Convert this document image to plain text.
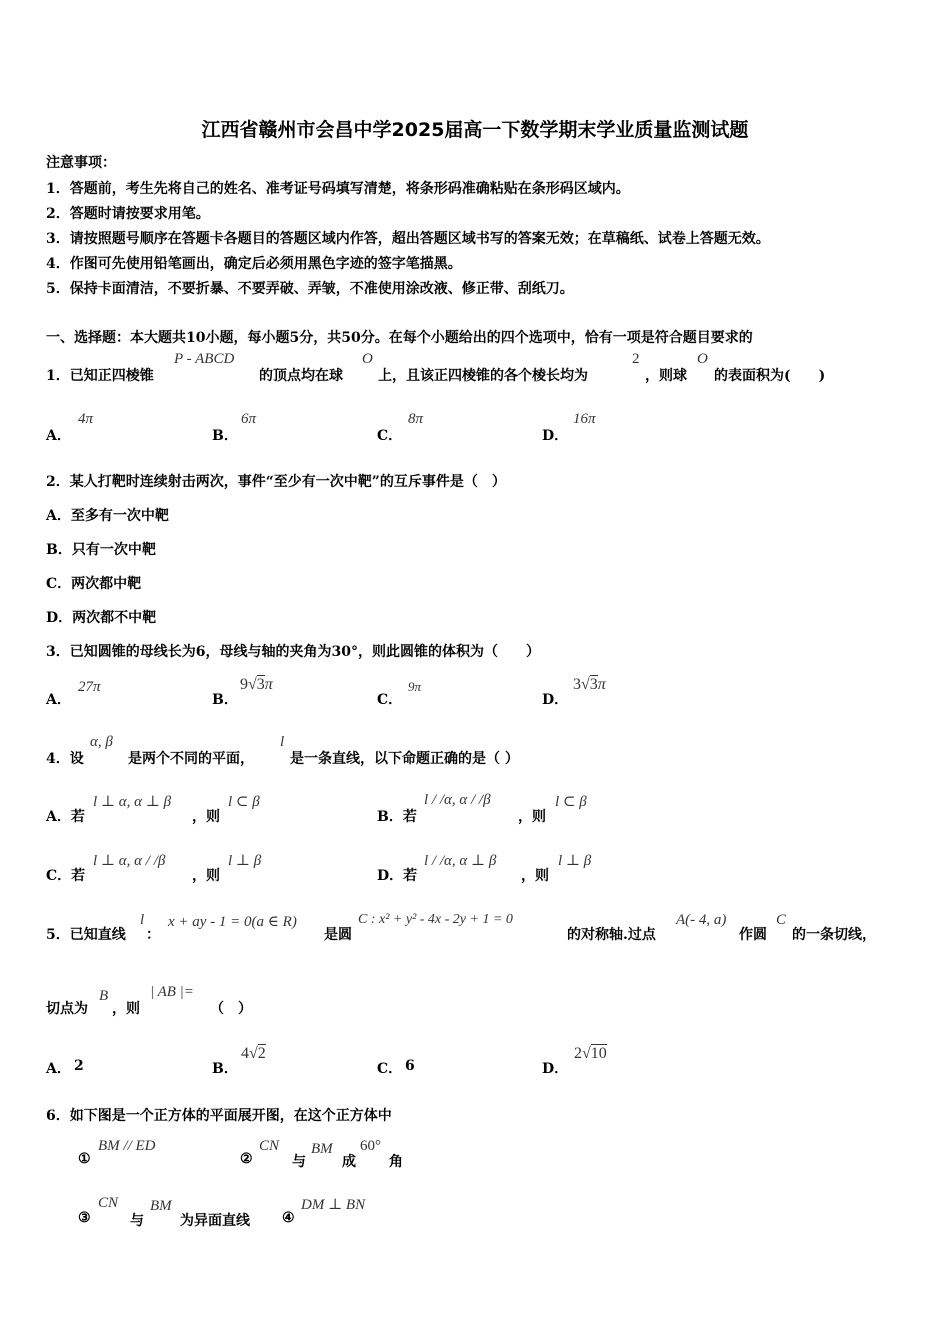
江西省赣州市会昌中学2025届高一下数学期末学业质量监测试题
注意事项：
1．答题前，考生先将自己的姓名、准考证号码填写清楚，将条形码准确粘贴在条形码区域内。
2．答题时请按要求用笔。
3．请按照题号顺序在答题卡各题目的答题区域内作答，超出答题区域书写的答案无效；在草稿纸、试卷上答题无效。
4．作图可先使用铅笔画出，确定后必须用黑色字迹的签字笔描黑。
5．保持卡面清洁，不要折暴、不要弄破、弄皱，不准使用涂改液、修正带、刮纸刀。
一、选择题：本大题共10小题，每小题5分，共50分。在每个小题给出的四个选项中，恰有一项是符合题目要求的
1．已知正四棱锥
P - ABCD
的顶点均在球
O
上，且该正四棱锥的各个棱长均为
2
，则球
O
的表面积为(　　)
A．
4π
B．
6π
C．
8π
D．
16π
2．某人打靶时连续射击两次，事件“至少有一次中靶”的互斥事件是（　）
A．至多有一次中靶
B．只有一次中靶
C．两次都中靶
D．两次都不中靶
3．已知圆锥的母线长为6，母线与轴的夹角为30°，则此圆锥的体积为（　　）
A．
27π
B．
9√3π
C．
9π
D．
3√3π
4．设
α, β
是两个不同的平面，
l
是一条直线，以下命题正确的是（ ）
A．若
l ⊥ α, α ⊥ β
，则
l ⊂ β
B．若
l / /α, α / /β
，则
l ⊂ β
C．若
l ⊥ α, α / /β
，则
l ⊥ β
D．若
l / /α, α ⊥ β
，则
l ⊥ β
5．已知直线
l
：
x + ay - 1 = 0(a ∈ R)
是圆
C : x² + y² - 4x - 2y + 1 = 0
的对称轴.过点
A(- 4, a)
作圆
C
的一条切线，
切点为
B
，则
| AB |=
（　）
A． 2	B．
4√2
C． 6	D．
2√10
6．如下图是一个正方体的平面展开图，在这个正方体中
①
BM // ED
②
CN
与
BM
成
60°
角
③
CN
与
BM
为异面直线 ④
DM ⊥ BN
